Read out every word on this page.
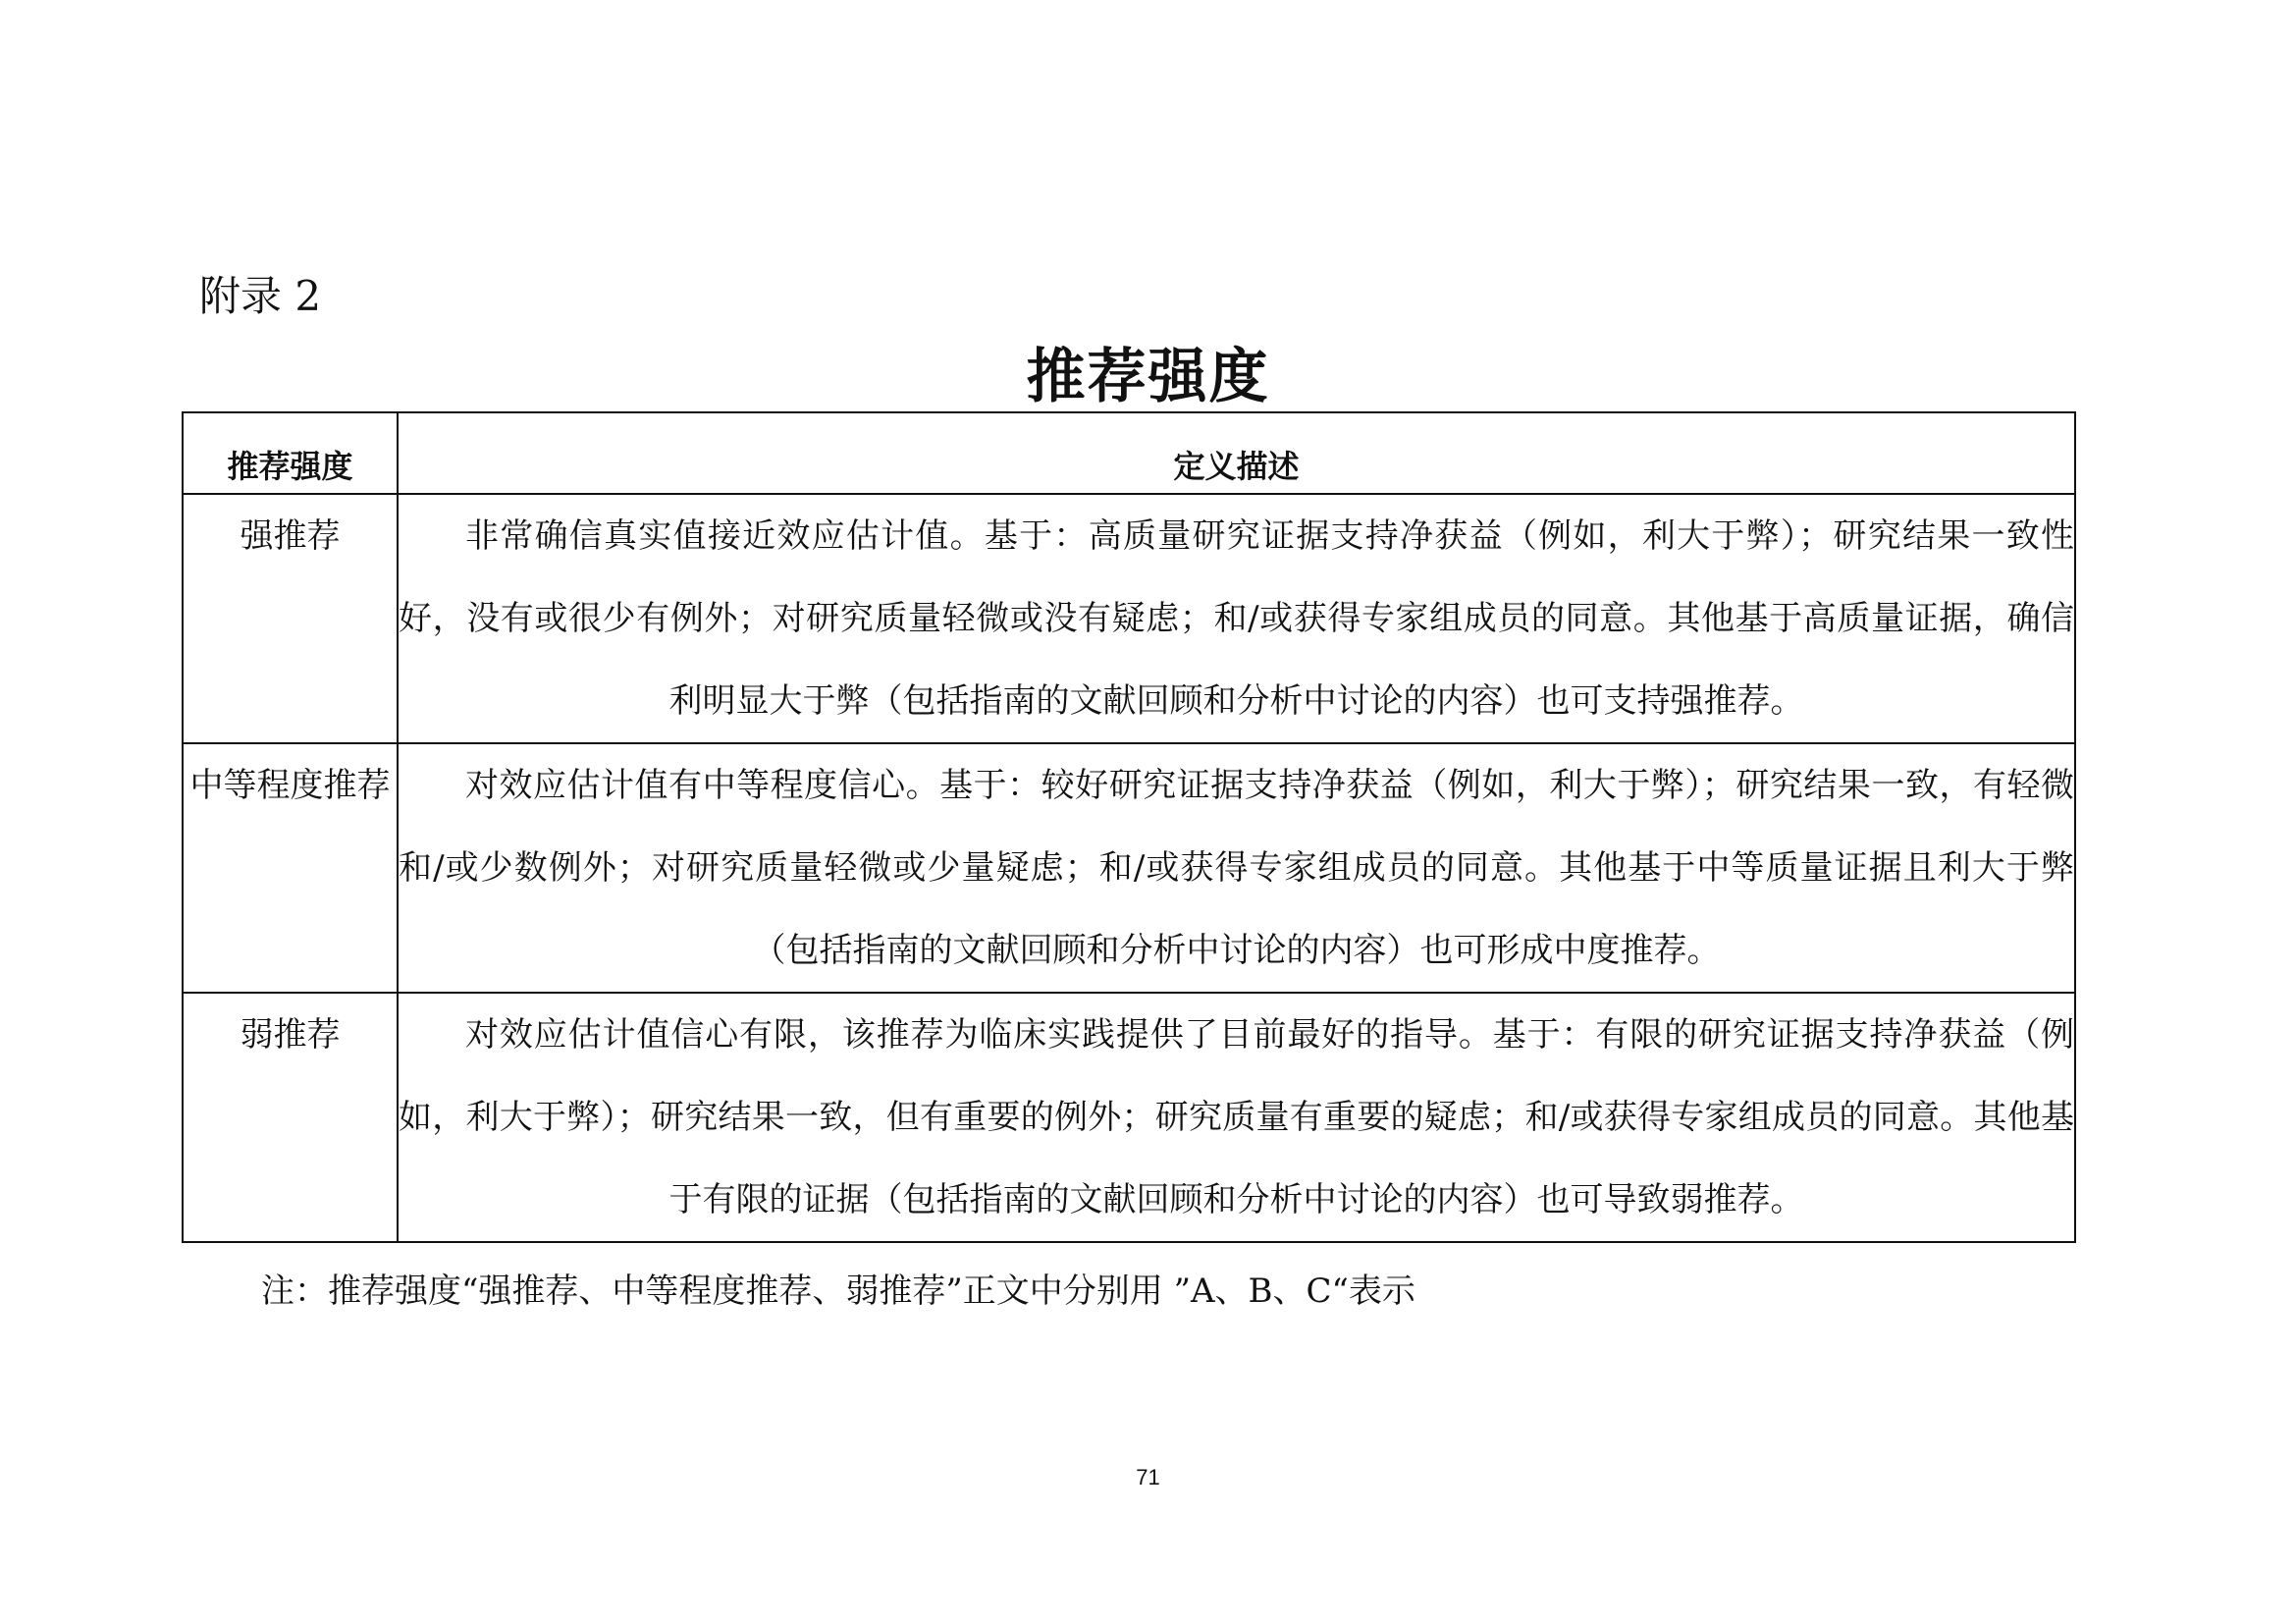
附录 2
推荐强度
推荐强度	定义描述
强推荐	非常确信真实值接近效应估计值。基于：高质量研究证据支持净获益（例如，利大于弊）；研究结果一致性好，没有或很少有例外；对研究质量轻微或没有疑虑；和/或获得专家组成员的同意。其他基于高质量证据，确信利明显大于弊（包括指南的文献回顾和分析中讨论的内容）也可支持强推荐。
中等程度推荐	对效应估计值有中等程度信心。基于：较好研究证据支持净获益（例如，利大于弊）；研究结果一致，有轻微和/或少数例外；对研究质量轻微或少量疑虑；和/或获得专家组成员的同意。其他基于中等质量证据且利大于弊（包括指南的文献回顾和分析中讨论的内容）也可形成中度推荐。
弱推荐	对效应估计值信心有限，该推荐为临床实践提供了目前最好的指导。基于：有限的研究证据支持净获益（例如，利大于弊）；研究结果一致，但有重要的例外；研究质量有重要的疑虑；和/或获得专家组成员的同意。其他基于有限的证据（包括指南的文献回顾和分析中讨论的内容）也可导致弱推荐。
注：推荐强度“强推荐、中等程度推荐、弱推荐”正文中分别用 ”A、B、C“表示
71
